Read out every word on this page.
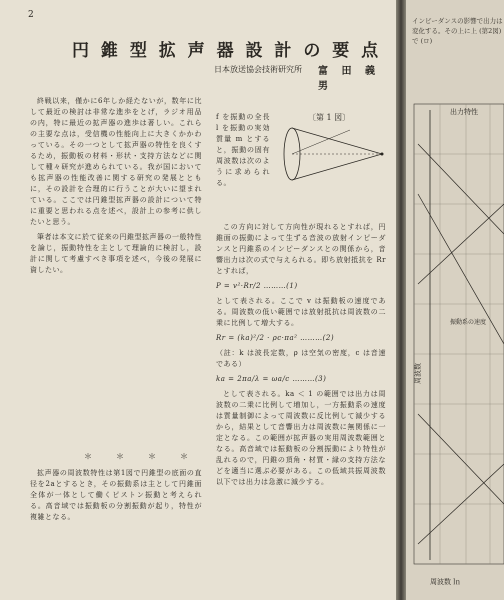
2
円 錐 型 拡 声 器 設 計 の 要 点
日本放送協会技術研究所 富 田 義 男

終戦以来，僅かに6年しか経たないが，数年に比して最近の検討は非常な進歩をとげ，ラジオ用品の内，特に最近の拡声器の進歩は著しい。これらの主要な点は，受信機の性能向上に大きくかかわっている。その一つとして拡声器の特性を良くするため，振動板の材料・形状・支持方法などに関して種々研究が進められている。我が国においても拡声器の性能改善に関する研究の発展とともに，その設計を合理的に行うことが大いに望まれている。ここでは円錐型拡声器の設計について特に重要と思われる点を述べ，設計上の参考に供したいと思う。

筆者は本文に於て従来の円錐型拡声器の一般特性を論じ，振動特性を主として理論的に検討し，設計に関して考慮すべき事項を述べ，今後の発展に資したい。

＊　＊　＊　＊

拡声器の周波数特性は第1図で円錐型の底面の直径を2aとするとき，その振動系は主として円錐面全体が一体として働くピストン振動と考えられる。高音域では振動板の分割振動が起り，特性が複雑となる。

〔第 1 図〕
f を振動の全長 l を振動の実効質量 m とすると，振動の固有周波数は次のように求められる。

この方向に対して方向性が現れるとすれば，円錐面の振動によって生ずる音波の放射インピーダンスと円錐系のインピーダンスとの関係から，音響出力は次の式で与えられる。即ち放射抵抗を Rr とすれば，

P = v²·Rr/2 ………(1)

として表される。ここで v は振動板の速度である。周波数の低い範囲では放射抵抗は周波数の二乗に比例して増大する。

Rr = (ka)²/2 · ρc·πa² ………(2)

（註：k は波長定数，ρ は空気の密度，c は音速である）

ka = 2πa/λ = ωa/c ………(3)

として表される。ka ＜ 1 の範囲では出力は周波数の二乗に比例して増加し，一方振動系の速度は質量制御によって周波数に反比例して減少するから，結果として音響出力は周波数に無関係に一定となる。この範囲が拡声器の実用周波数範囲となる。高音域では振動板の分割振動により特性が乱れるので，円錐の頂角・材質・縁の支持方法などを適当に選ぶ必要がある。この低域共振周波数以下では出力は急激に減少する。

インピーダンスの影響で出力は変化する。その上に上 (第2図) で (ロ)
出力特性
周波数
振動系の速度
周波数 ㏑
